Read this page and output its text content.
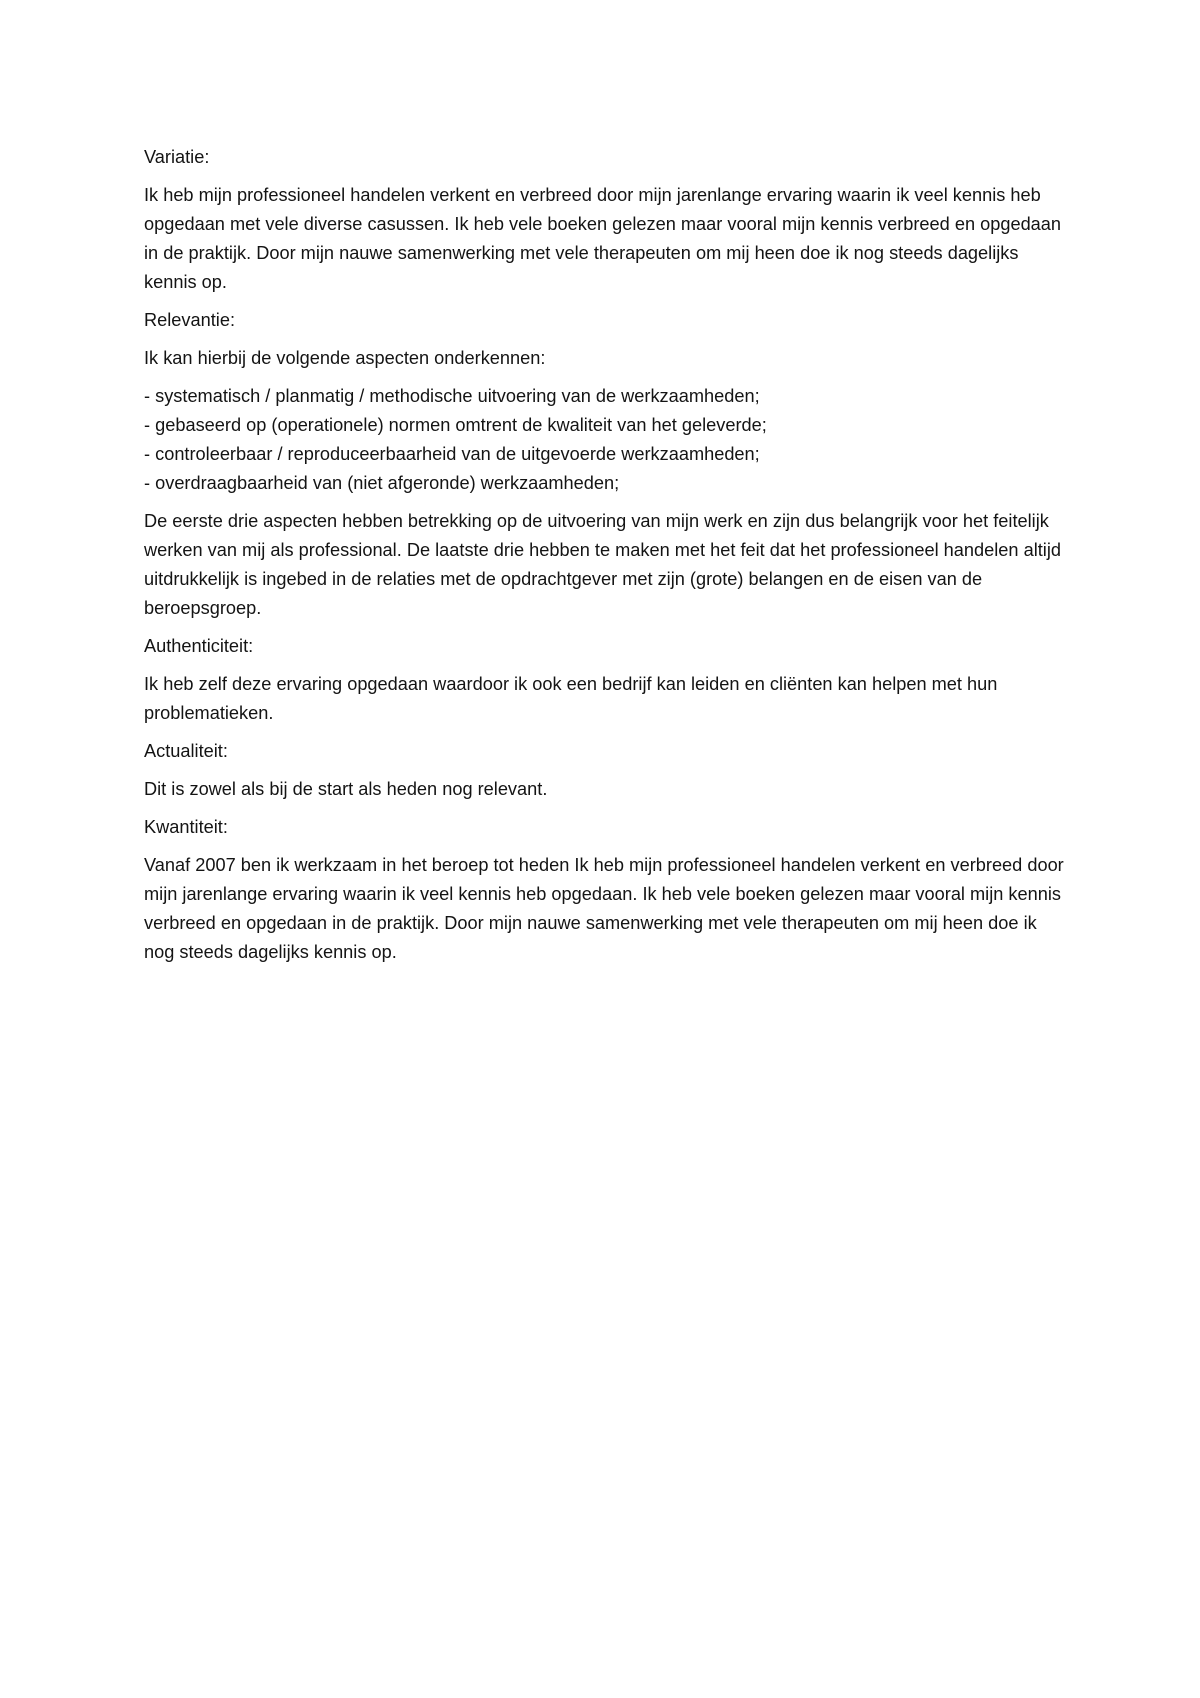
Variatie:

Ik heb mijn professioneel handelen verkent en verbreed door mijn jarenlange ervaring waarin ik veel kennis heb opgedaan met vele diverse casussen. Ik heb vele boeken gelezen maar vooral mijn kennis verbreed en opgedaan in de praktijk. Door mijn nauwe samenwerking met vele therapeuten om mij heen doe ik nog steeds dagelijks kennis op.

Relevantie:

Ik kan hierbij de volgende aspecten onderkennen:

- systematisch / planmatig / methodische uitvoering van de werkzaamheden;
- gebaseerd op (operationele) normen omtrent de kwaliteit van het geleverde;
- controleerbaar / reproduceerbaarheid van de uitgevoerde werkzaamheden;
- overdraagbaarheid van (niet afgeronde) werkzaamheden;

De eerste drie aspecten hebben betrekking op de uitvoering van mijn werk en zijn dus belangrijk voor het feitelijk werken van mij als professional. De laatste drie hebben te maken met het feit dat het professioneel handelen altijd uitdrukkelijk is ingebed in de relaties met de opdrachtgever met zijn (grote) belangen en de eisen van de beroepsgroep.

Authenticiteit:

Ik heb zelf deze ervaring opgedaan waardoor ik ook een bedrijf kan leiden en cliënten kan helpen met hun problematieken.

Actualiteit:

Dit is zowel als bij de start als heden nog relevant.

Kwantiteit:

Vanaf 2007 ben ik werkzaam in het beroep tot heden Ik heb mijn professioneel handelen verkent en verbreed door mijn jarenlange ervaring waarin ik veel kennis heb opgedaan. Ik heb vele boeken gelezen maar vooral mijn kennis verbreed en opgedaan in de praktijk. Door mijn nauwe samenwerking met vele therapeuten om mij heen doe ik nog steeds dagelijks kennis op.
